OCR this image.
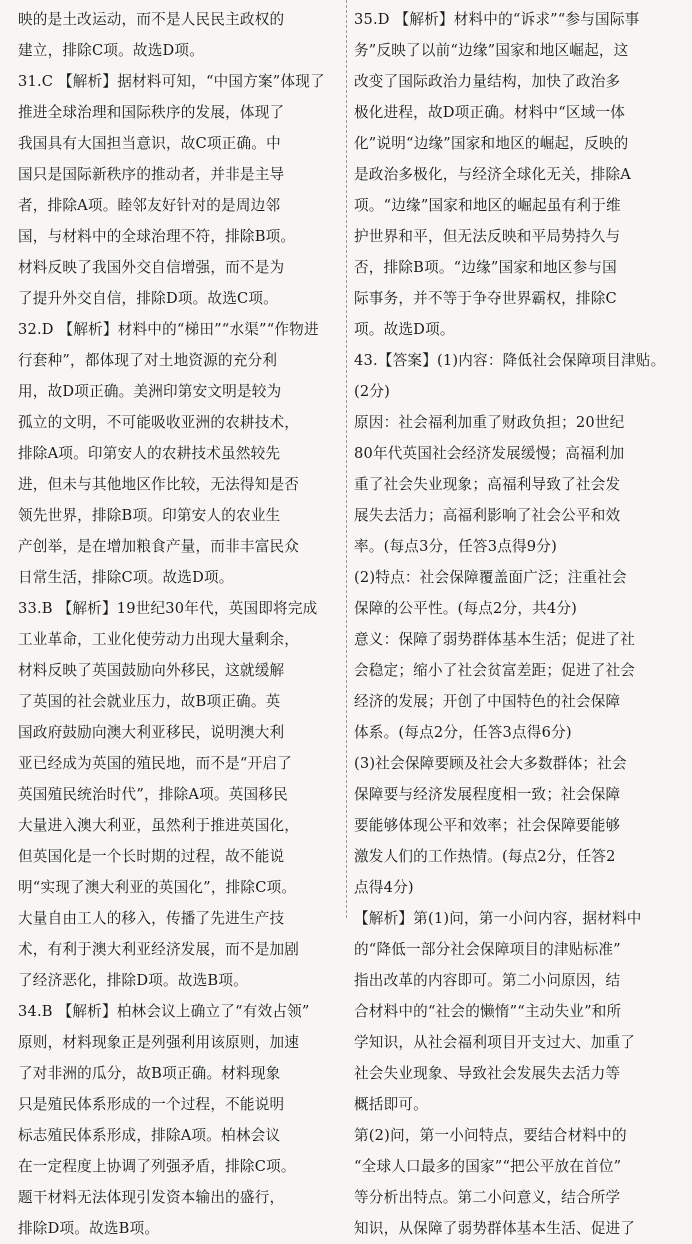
映的是土改运动，而不是人民民主政权的
建立，排除C项。故选D项。
31.C 【解析】据材料可知，“中国方案”体现了
推进全球治理和国际秩序的发展，体现了
我国具有大国担当意识，故C项正确。中
国只是国际新秩序的推动者，并非是主导
者，排除A项。睦邻友好针对的是周边邻
国，与材料中的全球治理不符，排除B项。
材料反映了我国外交自信增强，而不是为
了提升外交自信，排除D项。故选C项。
32.D 【解析】材料中的“梯田”“水渠”“作物进
行套种”，都体现了对土地资源的充分利
用，故D项正确。美洲印第安文明是较为
孤立的文明，不可能吸收亚洲的农耕技术，
排除A项。印第安人的农耕技术虽然较先
进，但未与其他地区作比较，无法得知是否
领先世界，排除B项。印第安人的农业生
产创举，是在增加粮食产量，而非丰富民众
日常生活，排除C项。故选D项。
33.B 【解析】19世纪30年代，英国即将完成
工业革命，工业化使劳动力出现大量剩余，
材料反映了英国鼓励向外移民，这就缓解
了英国的社会就业压力，故B项正确。英
国政府鼓励向澳大利亚移民，说明澳大利
亚已经成为英国的殖民地，而不是“开启了
英国殖民统治时代”，排除A项。英国移民
大量进入澳大利亚，虽然利于推进英国化，
但英国化是一个长时期的过程，故不能说
明“实现了澳大利亚的英国化”，排除C项。
大量自由工人的移入，传播了先进生产技
术，有利于澳大利亚经济发展，而不是加剧
了经济恶化，排除D项。故选B项。
34.B 【解析】柏林会议上确立了“有效占领”
原则，材料现象正是列强利用该原则，加速
了对非洲的瓜分，故B项正确。材料现象
只是殖民体系形成的一个过程，不能说明
标志殖民体系形成，排除A项。柏林会议
在一定程度上协调了列强矛盾，排除C项。
题干材料无法体现引发资本输出的盛行，
排除D项。故选B项。
35.D 【解析】材料中的“诉求”“参与国际事
务”反映了以前“边缘”国家和地区崛起，这
改变了国际政治力量结构，加快了政治多
极化进程，故D项正确。材料中“区域一体
化”说明“边缘”国家和地区的崛起，反映的
是政治多极化，与经济全球化无关，排除A
项。“边缘”国家和地区的崛起虽有利于维
护世界和平，但无法反映和平局势持久与
否，排除B项。“边缘”国家和地区参与国
际事务，并不等于争夺世界霸权，排除C
项。故选D项。
43.【答案】(1)内容：降低社会保障项目津贴。
(2分)
原因：社会福利加重了财政负担；20世纪
80年代英国社会经济发展缓慢；高福利加
重了社会失业现象；高福利导致了社会发
展失去活力；高福利影响了社会公平和效
率。(每点3分，任答3点得9分)
(2)特点：社会保障覆盖面广泛；注重社会
保障的公平性。(每点2分，共4分)
意义：保障了弱势群体基本生活；促进了社
会稳定；缩小了社会贫富差距；促进了社会
经济的发展；开创了中国特色的社会保障
体系。(每点2分，任答3点得6分)
(3)社会保障要顾及社会大多数群体；社会
保障要与经济发展程度相一致；社会保障
要能够体现公平和效率；社会保障要能够
激发人们的工作热情。(每点2分，任答2
点得4分)
【解析】第(1)问，第一小问内容，据材料中
的“降低一部分社会保障项目的津贴标准”
指出改革的内容即可。第二小问原因，结
合材料中的“社会的懒惰”“主动失业”和所
学知识，从社会福利项目开支过大、加重了
社会失业现象、导致社会发展失去活力等
概括即可。
第(2)问，第一小问特点，要结合材料中的
“全球人口最多的国家”“把公平放在首位”
等分析出特点。第二小问意义，结合所学
知识，从保障了弱势群体基本生活、促进了
